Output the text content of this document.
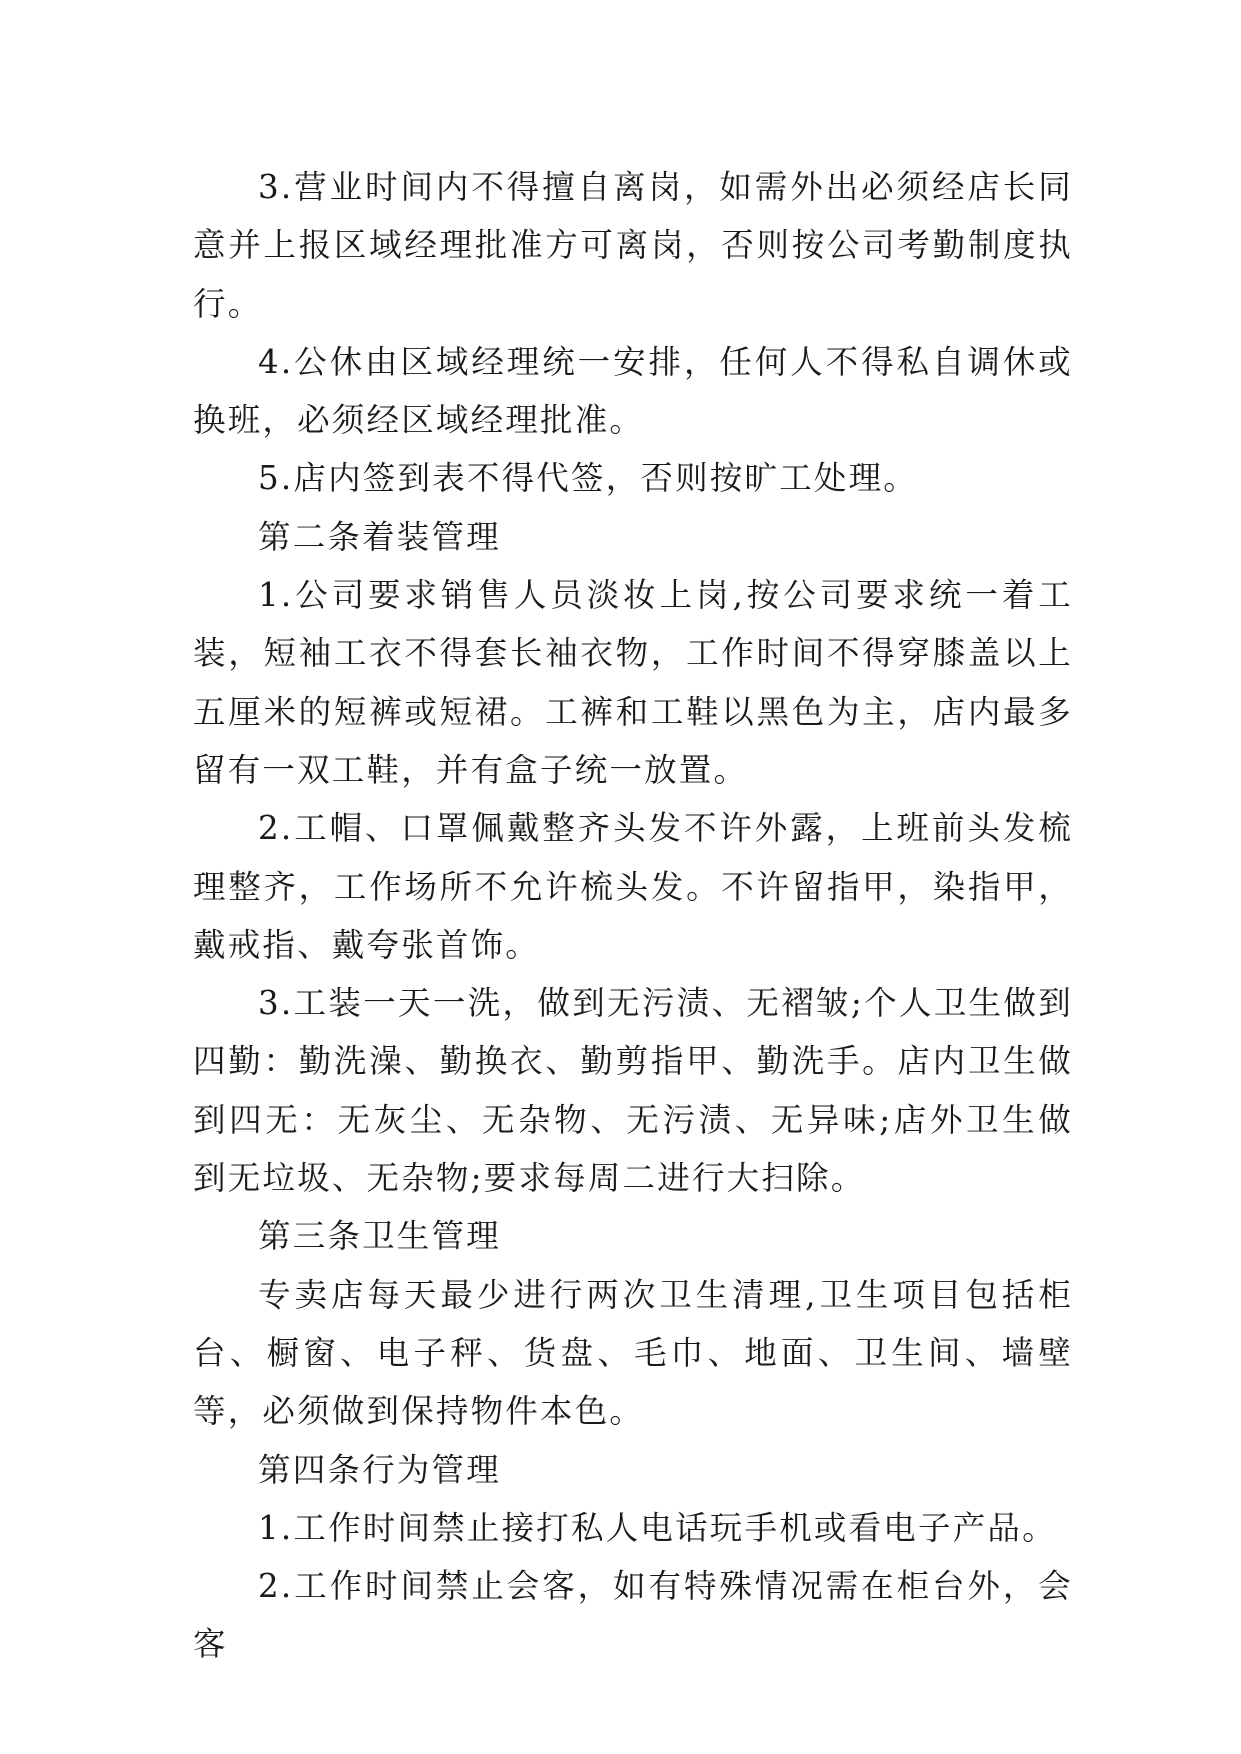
3.营业时间内不得擅自离岗，如需外出必须经店长同意并上报区域经理批准方可离岗，否则按公司考勤制度执行。

4.公休由区域经理统一安排，任何人不得私自调休或换班，必须经区域经理批准。

5.店内签到表不得代签，否则按旷工处理。

第二条着装管理

1.公司要求销售人员淡妆上岗,按公司要求统一着工装，短袖工衣不得套长袖衣物，工作时间不得穿膝盖以上五厘米的短裤或短裙。工裤和工鞋以黑色为主，店内最多留有一双工鞋，并有盒子统一放置。

2.工帽、口罩佩戴整齐头发不许外露，上班前头发梳理整齐，工作场所不允许梳头发。不许留指甲，染指甲，戴戒指、戴夸张首饰。

3.工装一天一洗，做到无污渍、无褶皱;个人卫生做到四勤：勤洗澡、勤换衣、勤剪指甲、勤洗手。店内卫生做到四无：无灰尘、无杂物、无污渍、无异味;店外卫生做到无垃圾、无杂物;要求每周二进行大扫除。

第三条卫生管理

专卖店每天最少进行两次卫生清理,卫生项目包括柜台、橱窗、电子秤、货盘、毛巾、地面、卫生间、墙壁等，必须做到保持物件本色。

第四条行为管理

1.工作时间禁止接打私人电话玩手机或看电子产品。

2.工作时间禁止会客，如有特殊情况需在柜台外，会客
